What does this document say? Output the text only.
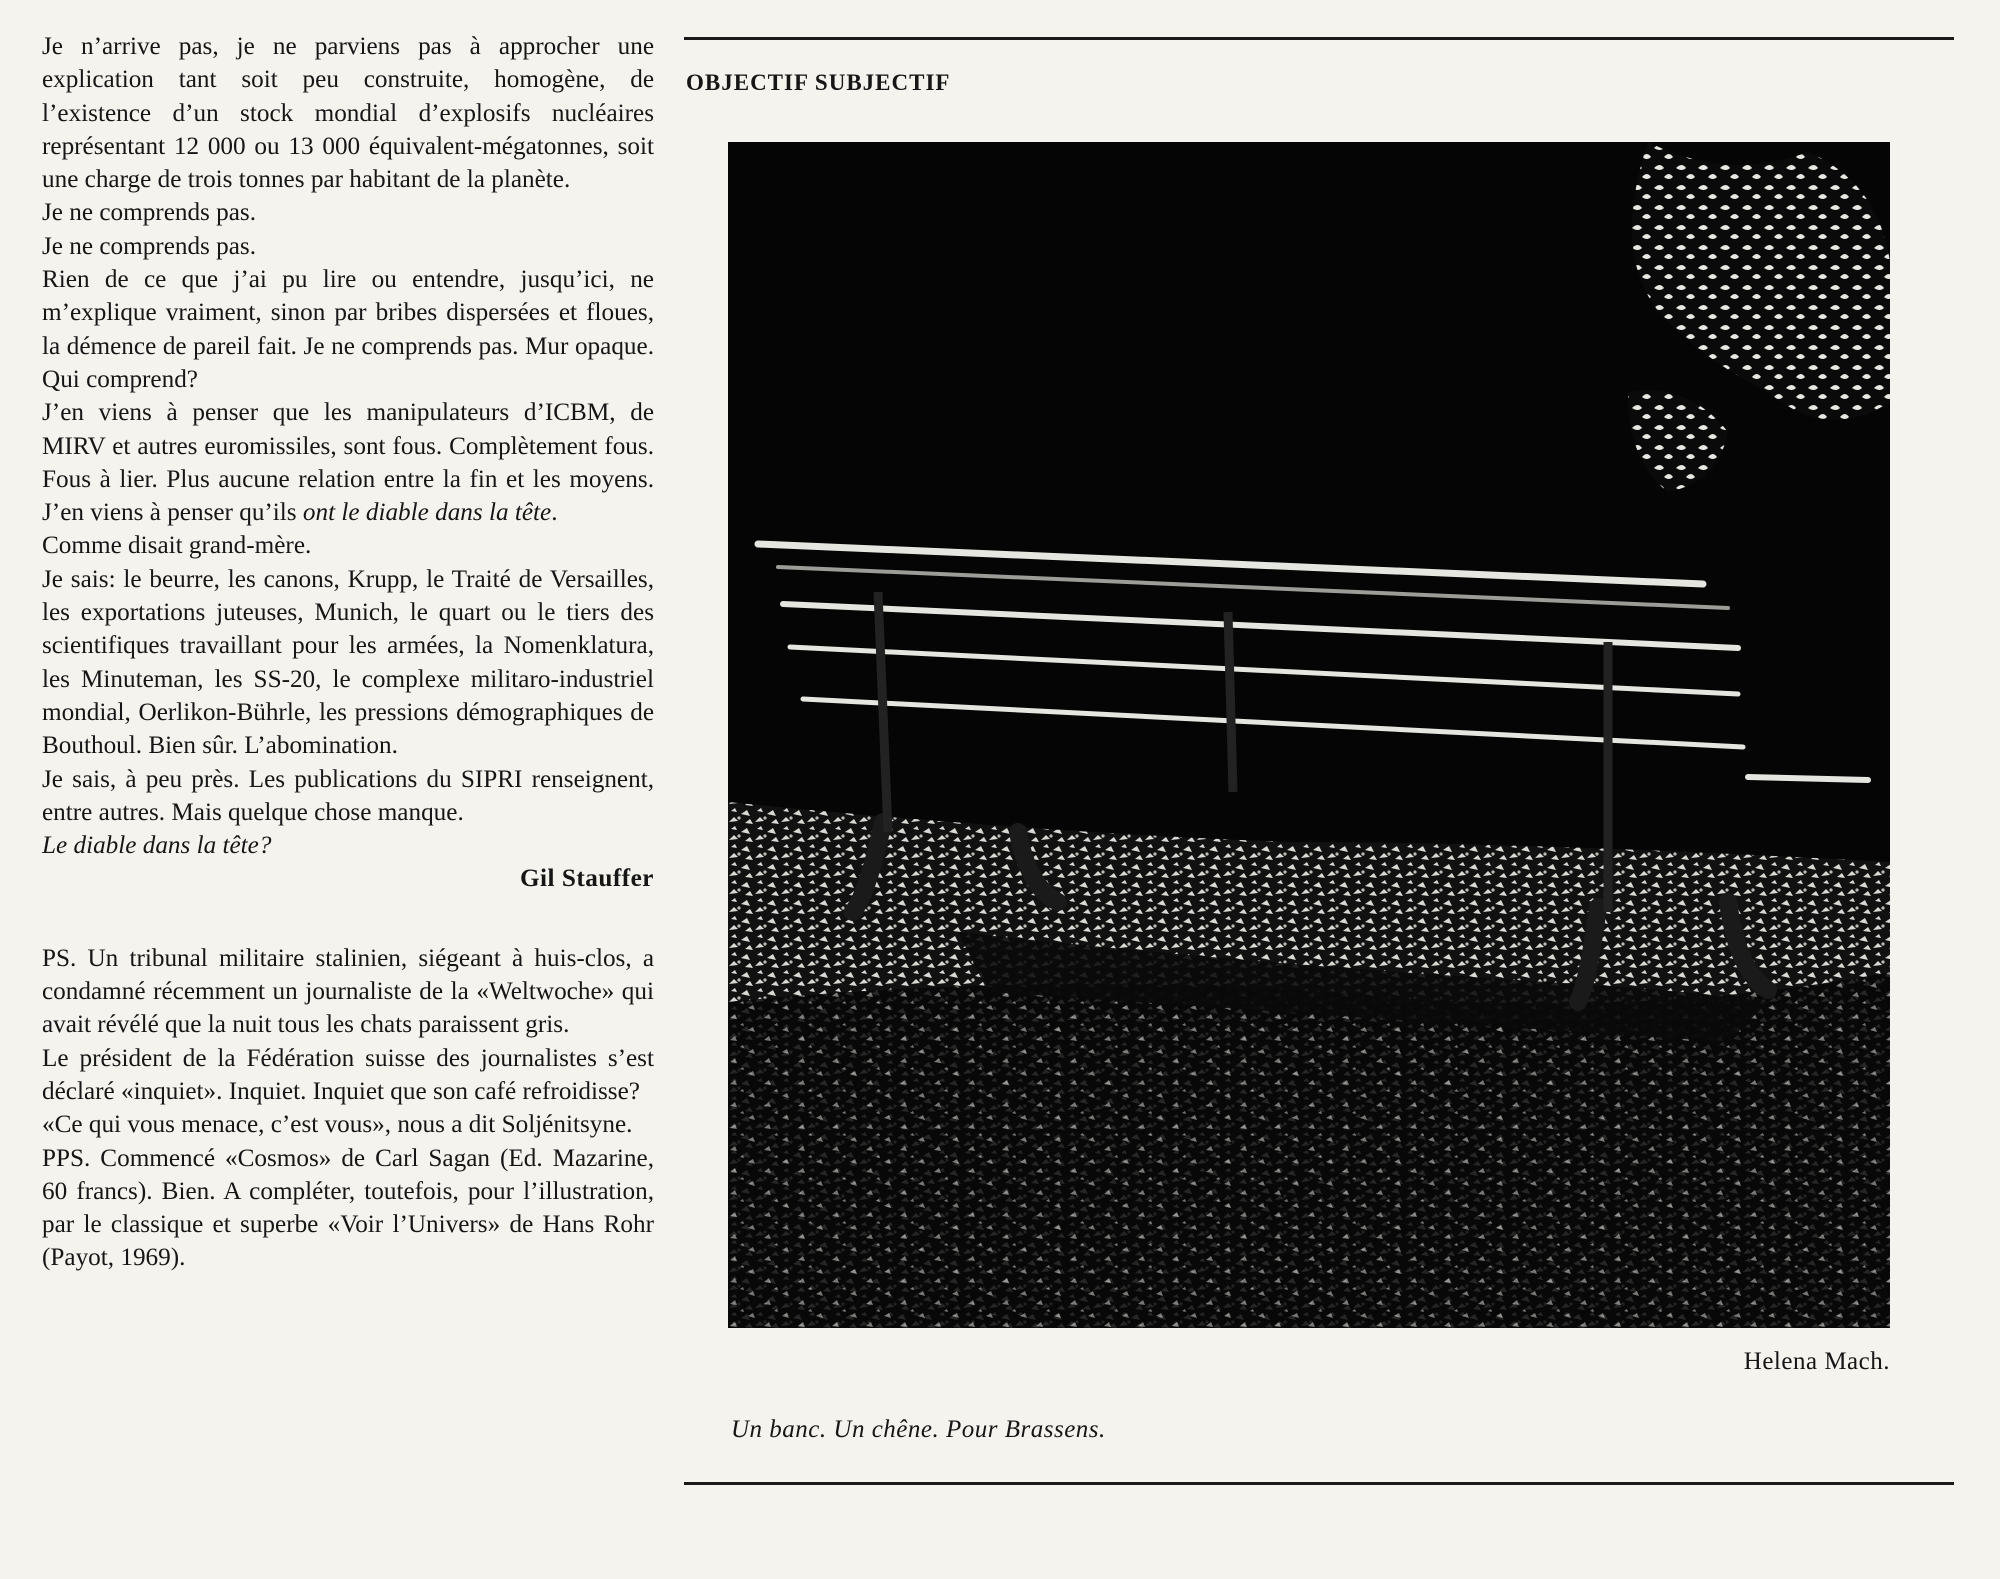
Je n’arrive pas, je ne parviens pas à approcher une explication tant soit peu construite, homogène, de l’existence d’un stock mondial d’explosifs nucléaires représentant 12 000 ou 13 000 équivalent-mégatonnes, soit une charge de trois tonnes par habitant de la planète.

Je ne comprends pas.

Je ne comprends pas.

Rien de ce que j’ai pu lire ou entendre, jusqu’ici, ne m’explique vraiment, sinon par bribes dispersées et floues, la démence de pareil fait. Je ne comprends pas. Mur opaque. Qui comprend?

J’en viens à penser que les manipulateurs d’ICBM, de MIRV et autres euromissiles, sont fous. Complètement fous. Fous à lier. Plus aucune relation entre la fin et les moyens. J’en viens à penser qu’ils ont le diable dans la tête.

Comme disait grand-mère.

Je sais: le beurre, les canons, Krupp, le Traité de Versailles, les exportations juteuses, Munich, le quart ou le tiers des scientifiques travaillant pour les armées, la Nomenklatura, les Minuteman, les SS-20, le complexe militaro-industriel mondial, Oerlikon-Bührle, les pressions démographiques de Bouthoul. Bien sûr. L’abomination.

Je sais, à peu près. Les publications du SIPRI renseignent, entre autres. Mais quelque chose manque.

Le diable dans la tête?

Gil Stauffer

PS. Un tribunal militaire stalinien, siégeant à huis-clos, a condamné récemment un journaliste de la «Weltwoche» qui avait révélé que la nuit tous les chats paraissent gris.

Le président de la Fédération suisse des journalistes s’est déclaré «inquiet». Inquiet. Inquiet que son café refroidisse?

«Ce qui vous menace, c’est vous», nous a dit Soljénitsyne.

PPS. Commencé «Cosmos» de Carl Sagan (Ed. Mazarine, 60 francs). Bien. A compléter, toutefois, pour l’illustration, par le classique et superbe «Voir l’Univers» de Hans Rohr (Payot, 1969).

OBJECTIF SUBJECTIF

Helena Mach.

Un banc. Un chêne. Pour Brassens.
